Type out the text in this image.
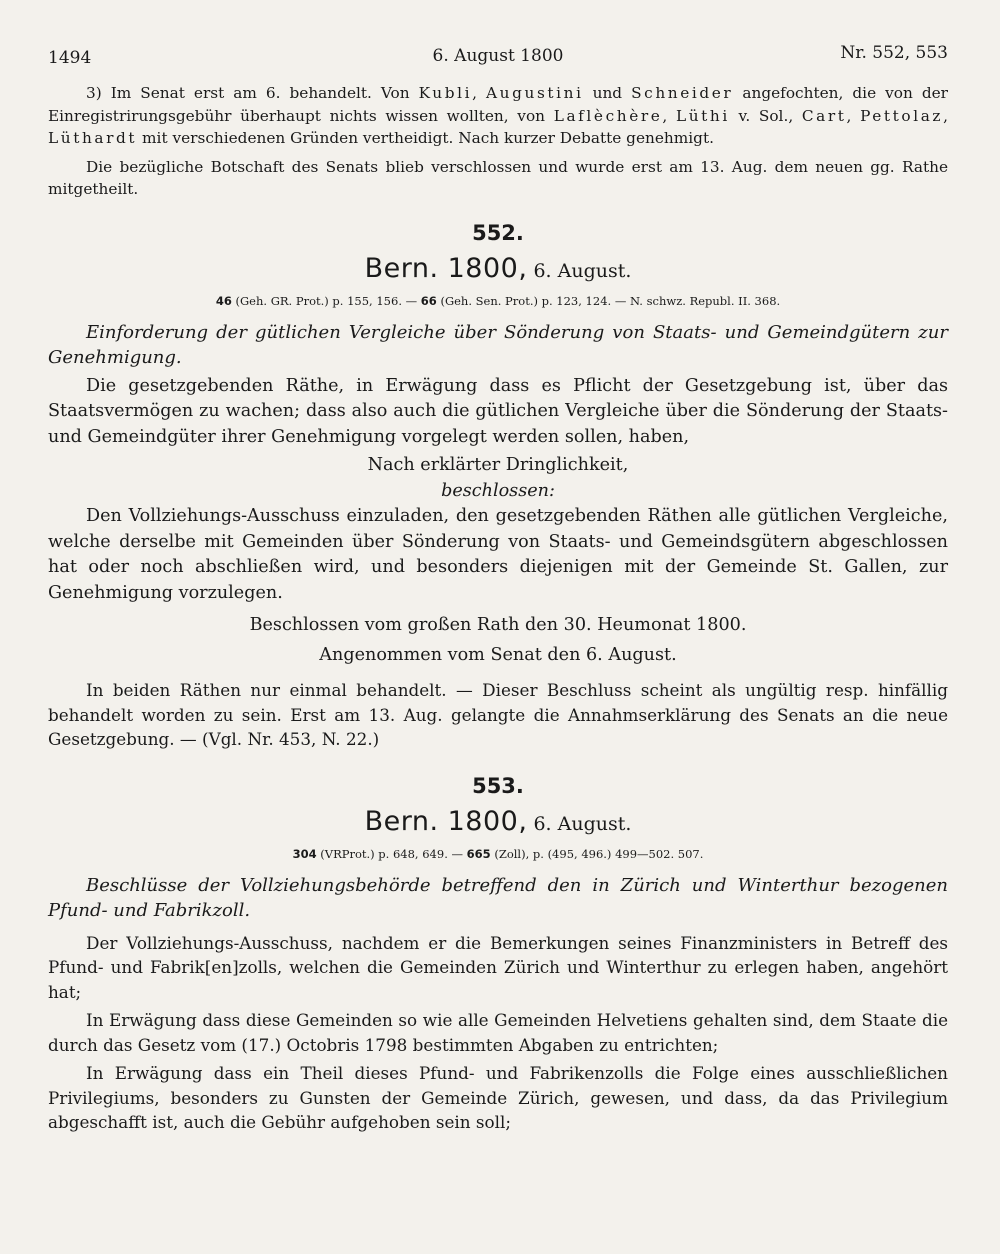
1494	6. August 1800	Nr. 552, 553

3) Im Senat erst am 6. behandelt. Von Kubli, Augustini und Schneider angefochten, die von der Einregistrirungsgebühr überhaupt nichts wissen wollten, von Laflèchère, Lüthi v. Sol., Cart, Pettolaz, Lüthardt mit verschiedenen Gründen vertheidigt. Nach kurzer Debatte genehmigt.

Die bezügliche Botschaft des Senats blieb verschlossen und wurde erst am 13. Aug. dem neuen gg. Rathe mitgetheilt.

552.
Bern. 1800, 6. August.
46 (Geh. GR. Prot.) p. 155, 156. — 66 (Geh. Sen. Prot.) p. 123, 124. — N. schwz. Republ. II. 368.

Einforderung der gütlichen Vergleiche über Sönderung von Staats- und Gemeindgütern zur Genehmigung.

Die gesetzgebenden Räthe, in Erwägung dass es Pflicht der Gesetzgebung ist, über das Staatsvermögen zu wachen; dass also auch die gütlichen Vergleiche über die Sönderung der Staats- und Gemeindgüter ihrer Genehmigung vorgelegt werden sollen, haben,

Nach erklärter Dringlichkeit,
beschlossen:

Den Vollziehungs-Ausschuss einzuladen, den gesetzgebenden Räthen alle gütlichen Vergleiche, welche derselbe mit Gemeinden über Sönderung von Staats- und Gemeindsgütern abgeschlossen hat oder noch abschließen wird, und besonders diejenigen mit der Gemeinde St. Gallen, zur Genehmigung vorzulegen.

Beschlossen vom großen Rath den 30. Heumonat 1800.
Angenommen vom Senat den 6. August.

In beiden Räthen nur einmal behandelt. — Dieser Beschluss scheint als ungültig resp. hinfällig behandelt worden zu sein. Erst am 13. Aug. gelangte die Annahmserklärung des Senats an die neue Gesetzgebung. — (Vgl. Nr. 453, N. 22.)

553.
Bern. 1800, 6. August.
304 (VRProt.) p. 648, 649. — 665 (Zoll), p. (495, 496.) 499—502. 507.

Beschlüsse der Vollziehungsbehörde betreffend den in Zürich und Winterthur bezogenen Pfund- und Fabrikzoll.

Der Vollziehungs-Ausschuss, nachdem er die Bemerkungen seines Finanzministers in Betreff des Pfund- und Fabrik[en]zolls, welchen die Gemeinden Zürich und Winterthur zu erlegen haben, angehört hat;

In Erwägung dass diese Gemeinden so wie alle Gemeinden Helvetiens gehalten sind, dem Staate die durch das Gesetz vom (17.) Octobris 1798 bestimmten Abgaben zu entrichten;

In Erwägung dass ein Theil dieses Pfund- und Fabrikenzolls die Folge eines ausschließlichen Privilegiums, besonders zu Gunsten der Gemeinde Zürich, gewesen, und dass, da das Privilegium abgeschafft ist, auch die Gebühr aufgehoben sein soll;
